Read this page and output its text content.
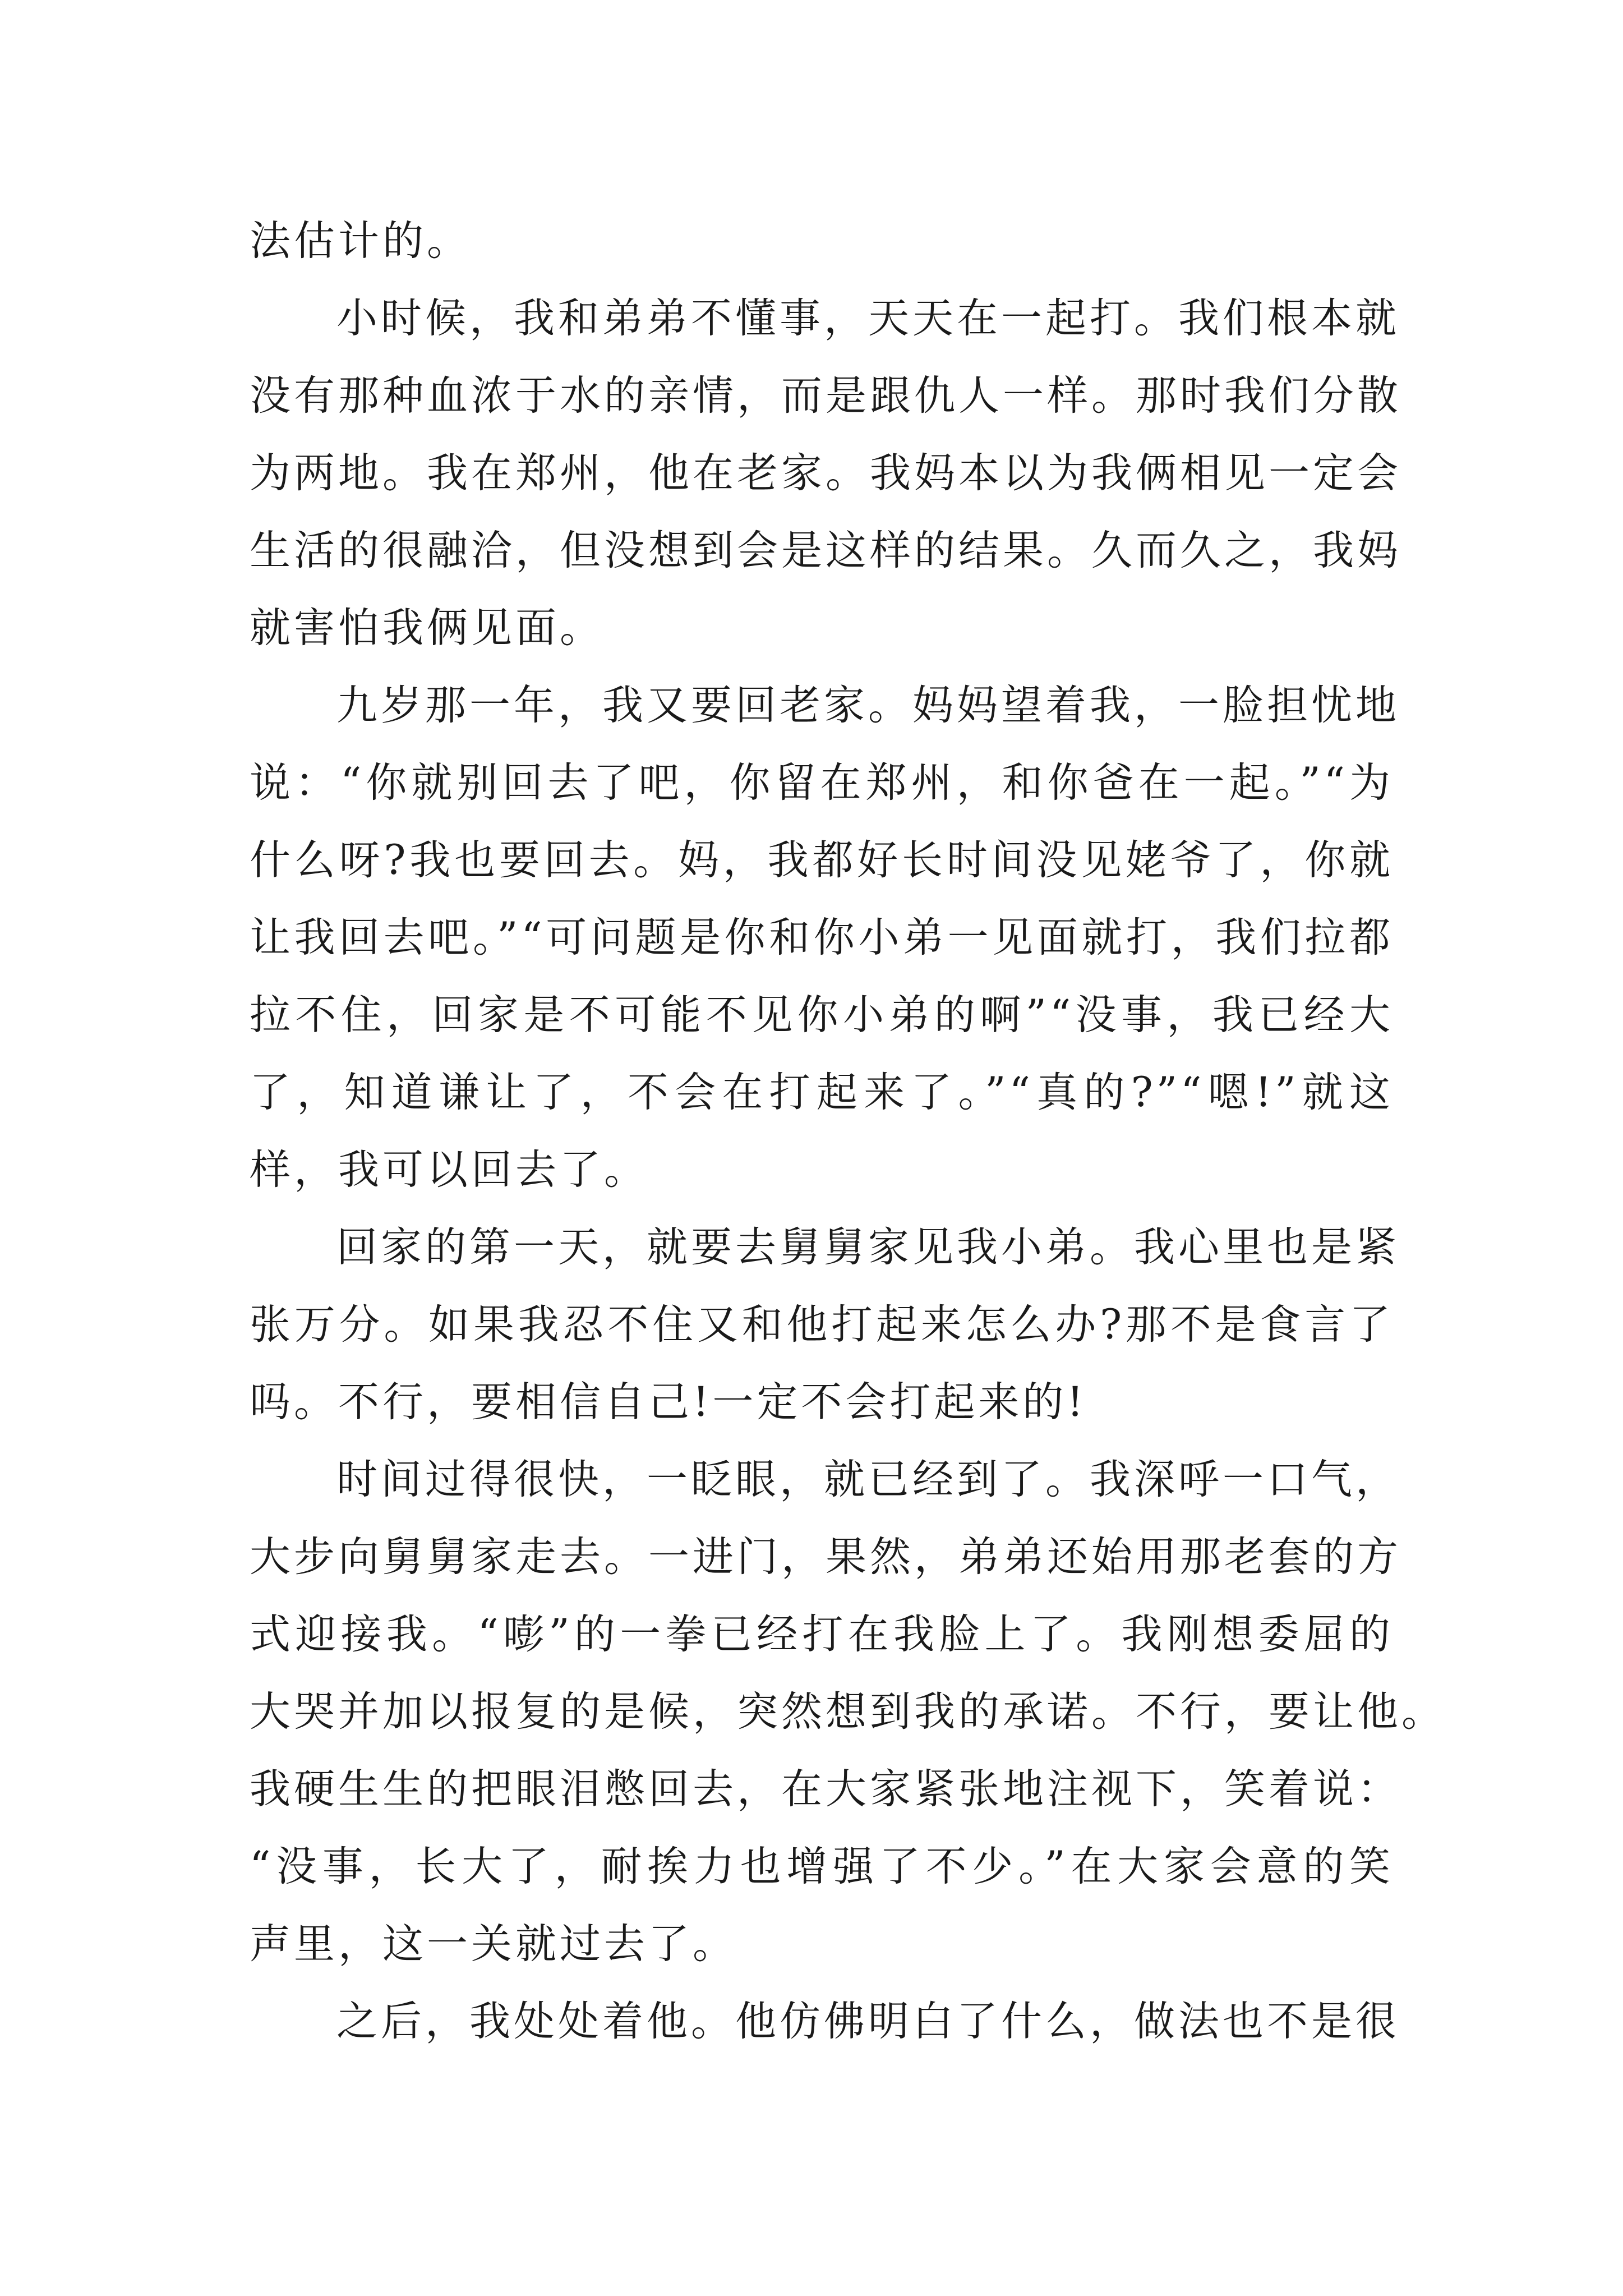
法估计的。
小时候，我和弟弟不懂事，天天在一起打。我们根本就
没有那种血浓于水的亲情，而是跟仇人一样。那时我们分散
为两地。我在郑州，他在老家。我妈本以为我俩相见一定会
生活的很融洽，但没想到会是这样的结果。久而久之，我妈
就害怕我俩见面。
九岁那一年，我又要回老家。妈妈望着我，一脸担忧地
说：“你就别回去了吧，你留在郑州，和你爸在一起。”“为
什么呀?我也要回去。妈，我都好长时间没见姥爷了，你就
让我回去吧。”“可问题是你和你小弟一见面就打，我们拉都
拉不住，回家是不可能不见你小弟的啊”“没事，我已经大
了，知道谦让了，不会在打起来了。”“真的?”“嗯!”就这
样，我可以回去了。
回家的第一天，就要去舅舅家见我小弟。我心里也是紧
张万分。如果我忍不住又和他打起来怎么办?那不是食言了
吗。不行，要相信自己!一定不会打起来的!
时间过得很快，一眨眼，就已经到了。我深呼一口气，
大步向舅舅家走去。一进门，果然，弟弟还始用那老套的方
式迎接我。“嘭”的一拳已经打在我脸上了。我刚想委屈的
大哭并加以报复的是候，突然想到我的承诺。不行，要让他。
我硬生生的把眼泪憋回去，在大家紧张地注视下，笑着说：
“没事，长大了，耐挨力也增强了不少。”在大家会意的笑
声里，这一关就过去了。
之后，我处处着他。他仿佛明白了什么，做法也不是很
